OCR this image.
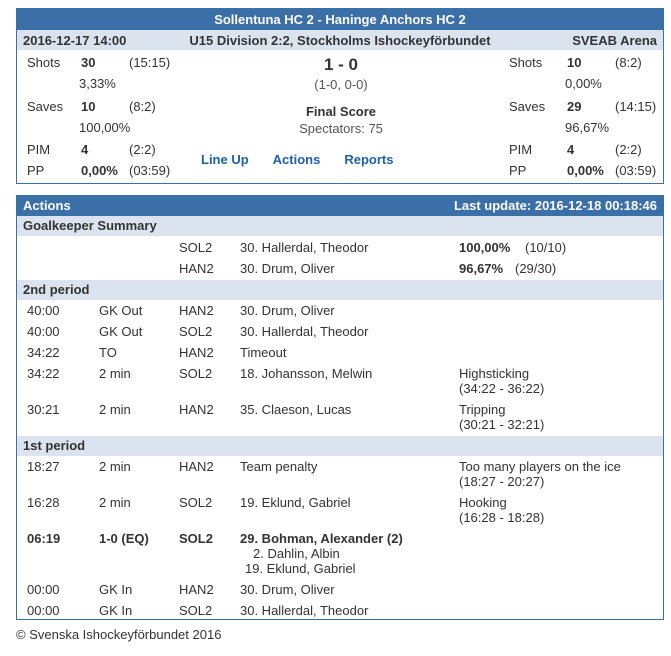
Sollentuna HC 2 - Haninge Anchors HC 2
2016-12-17 14:00	U15 Division 2:2, Stockholms Ishockeyförbundet	SVEAB Arena
Shots 30	(15:15)
3,33%
Saves 10	(8:2)
100,00%
PIM 4	(2:2)
PP	0,00% (03:59)
1 - 0
(1-0, 0-0)
Final Score
Spectators: 75
Line Up Actions Reports
Shots 10	(8:2)
0,00%
Saves 29	(14:15)
96,67%
PIM	4	(2:2)
PP	0,00% (03:59)
Actions	Last update: 2016-12-18 00:18:46
Goalkeeper Summary
SOL2 30. Hallerdal, Theodor	100,00% (10/10)
HAN2 30. Drum, Oliver	96,67% (29/30)
2nd period
40:00	GK Out	HAN2 30. Drum, Oliver
40:00	GK Out	SOL2 30. Hallerdal, Theodor
34:22	TO	HAN2 Timeout
34:22	2 min	SOL2 18. Johansson, Melwin	Highsticking
(34:22 - 36:22)
30:21	2 min	HAN2 35. Claeson, Lucas	Tripping
(30:21 - 32:21)
1st period
18:27	2 min	HAN2 Team penalty	Too many players on the ice
(18:27 - 20:27)
16:28	2 min	SOL2 19. Eklund, Gabriel	Hooking
(16:28 - 18:28)
06:19	1-0 (EQ) SOL2 29. Bohman, Alexander (2)
2. Dahlin, Albin
19. Eklund, Gabriel
00:00	GK In	HAN2 30. Drum, Oliver
00:00	GK In	SOL2 30. Hallerdal, Theodor
© Svenska Ishockeyförbundet 2016
